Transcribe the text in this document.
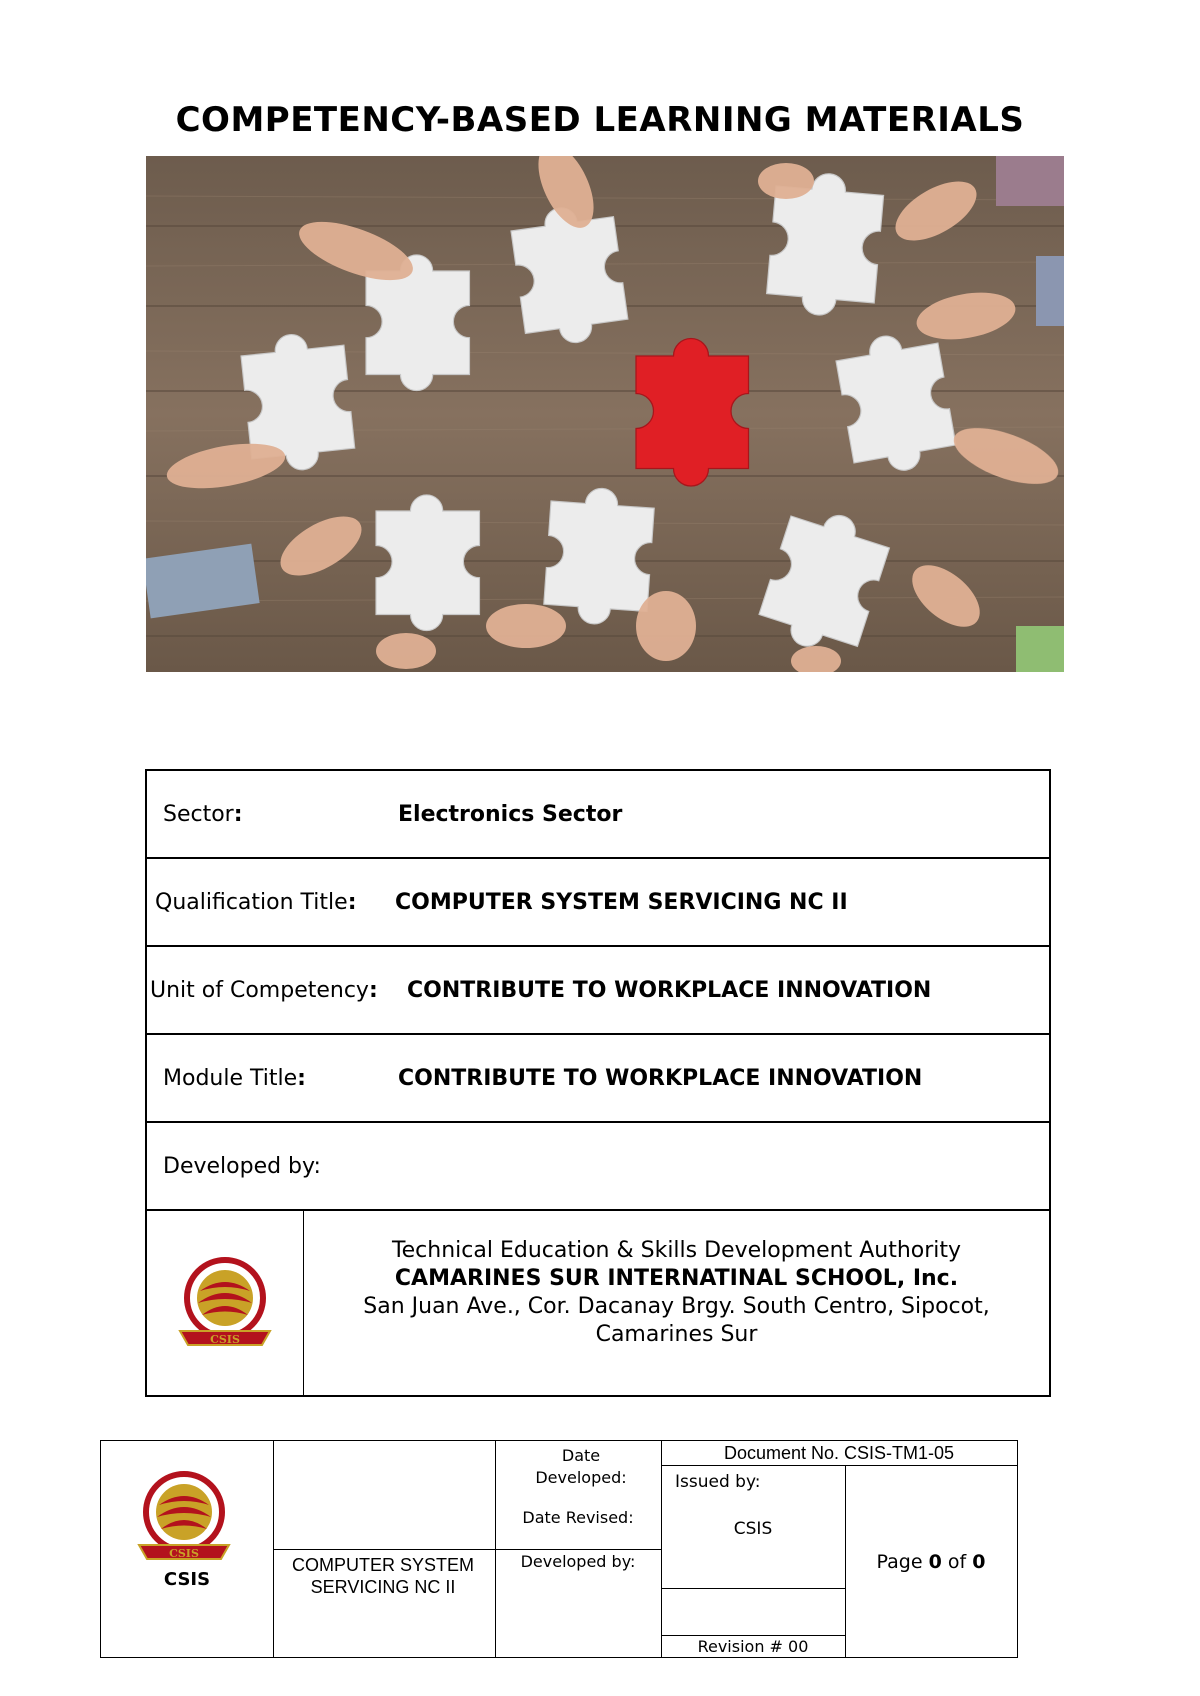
COMPETENCY-BASED LEARNING MATERIALS
Sector:	Electronics Sector
Qualification Title: COMPUTER SYSTEM SERVICING NC II
Unit of Competency: CONTRIBUTE TO WORKPLACE INNOVATION
Module Title:	CONTRIBUTE TO WORKPLACE INNOVATION
Developed by:
CSIS
Technical Education & Skills Development Authority
CAMARINES SUR INTERNATINAL SCHOOL, Inc.
San Juan Ave., Cor. Dacanay Brgy. South Centro, Sipocot,
Camarines Sur
CSIS
CSIS
COMPUTER SYSTEM SERVICING NC II
Date Developed:
Date Revised:
Developed by:
Document No. CSIS-TM1-05
Issued by:
CSIS
Revision # 00
Page 0 of 0
